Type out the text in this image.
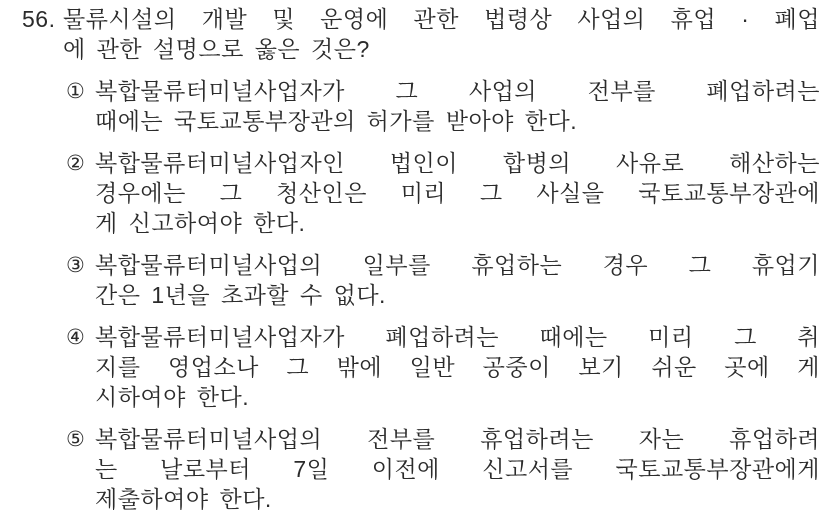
56. 물류시설의 개발 및 운영에 관한 법령상 사업의 휴업 · 폐업
에 관한 설명으로 옳은 것은?
① 복합물류터미널사업자가 그 사업의 전부를 폐업하려는
때에는 국토교통부장관의 허가를 받아야 한다.
② 복합물류터미널사업자인 법인이 합병의 사유로 해산하는
경우에는 그 청산인은 미리 그 사실을 국토교통부장관에
게 신고하여야 한다.
③ 복합물류터미널사업의 일부를 휴업하는 경우 그 휴업기
간은 1년을 초과할 수 없다.
④ 복합물류터미널사업자가 폐업하려는 때에는 미리 그 취
지를 영업소나 그 밖에 일반 공중이 보기 쉬운 곳에 게
시하여야 한다.
⑤ 복합물류터미널사업의 전부를 휴업하려는 자는 휴업하려
는 날로부터 7일 이전에 신고서를 국토교통부장관에게
제출하여야 한다.
